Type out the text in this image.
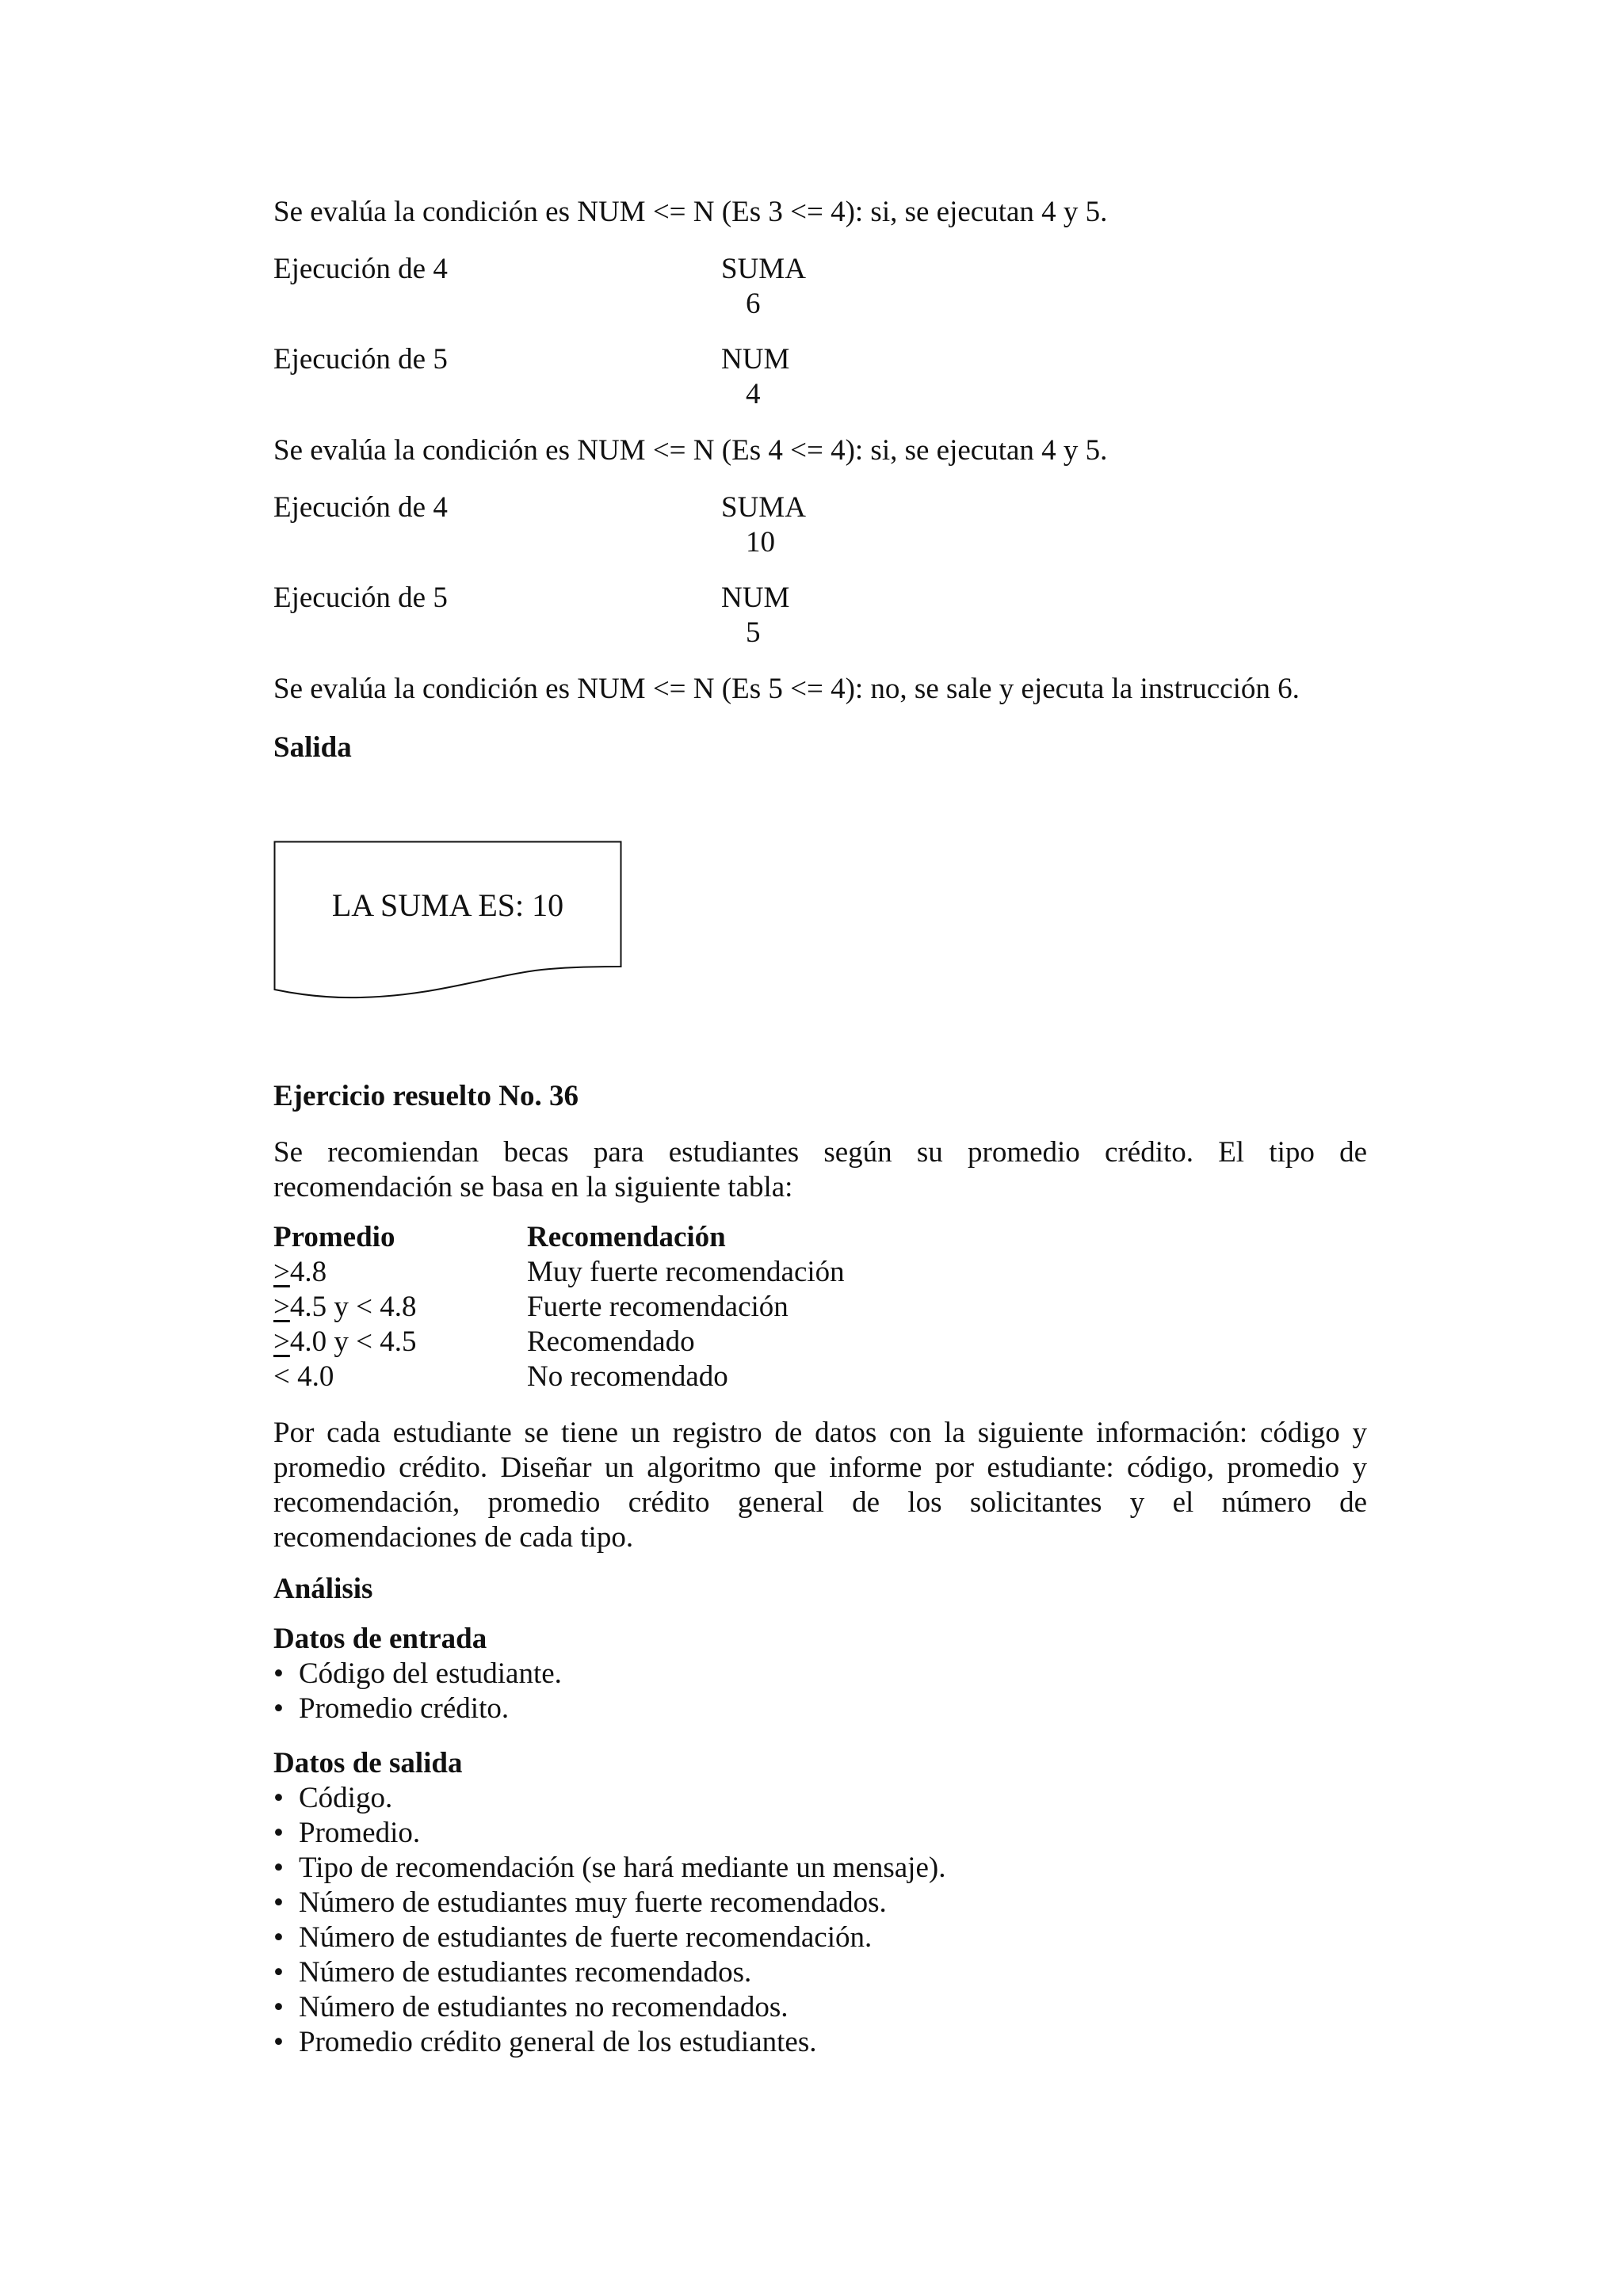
Se evalúa la condición es NUM <= N (Es 3 <= 4): si, se ejecutan 4 y 5.
Ejecución de 4	SUMA
6
Ejecución de 5	NUM
4
Se evalúa la condición es NUM <= N (Es 4 <= 4): si, se ejecutan 4 y 5.
Ejecución de 4	SUMA
10
Ejecución de 5	NUM
5
Se evalúa la condición es NUM <= N (Es 5 <= 4): no, se sale y ejecuta la instrucción 6.
Salida
LA SUMA ES: 10
Ejercicio resuelto No. 36
Se recomiendan becas para estudiantes según su promedio crédito. El tipo de
recomendación se basa en la siguiente tabla:
Promedio	Recomendación
≥4.8	Muy fuerte recomendación
≥4.5 y < 4.8	Fuerte recomendación
≥4.0 y < 4.5	Recomendado
< 4.0	No recomendado
Por cada estudiante se tiene un registro de datos con la siguiente información: código y
promedio crédito. Diseñar un algoritmo que informe por estudiante: código, promedio y
recomendación, promedio crédito general de los solicitantes y el número de
recomendaciones de cada tipo.
Análisis
Datos de entrada
• Código del estudiante.
• Promedio crédito.
Datos de salida
• Código.
• Promedio.
• Tipo de recomendación (se hará mediante un mensaje).
• Número de estudiantes muy fuerte recomendados.
• Número de estudiantes de fuerte recomendación.
• Número de estudiantes recomendados.
• Número de estudiantes no recomendados.
• Promedio crédito general de los estudiantes.
